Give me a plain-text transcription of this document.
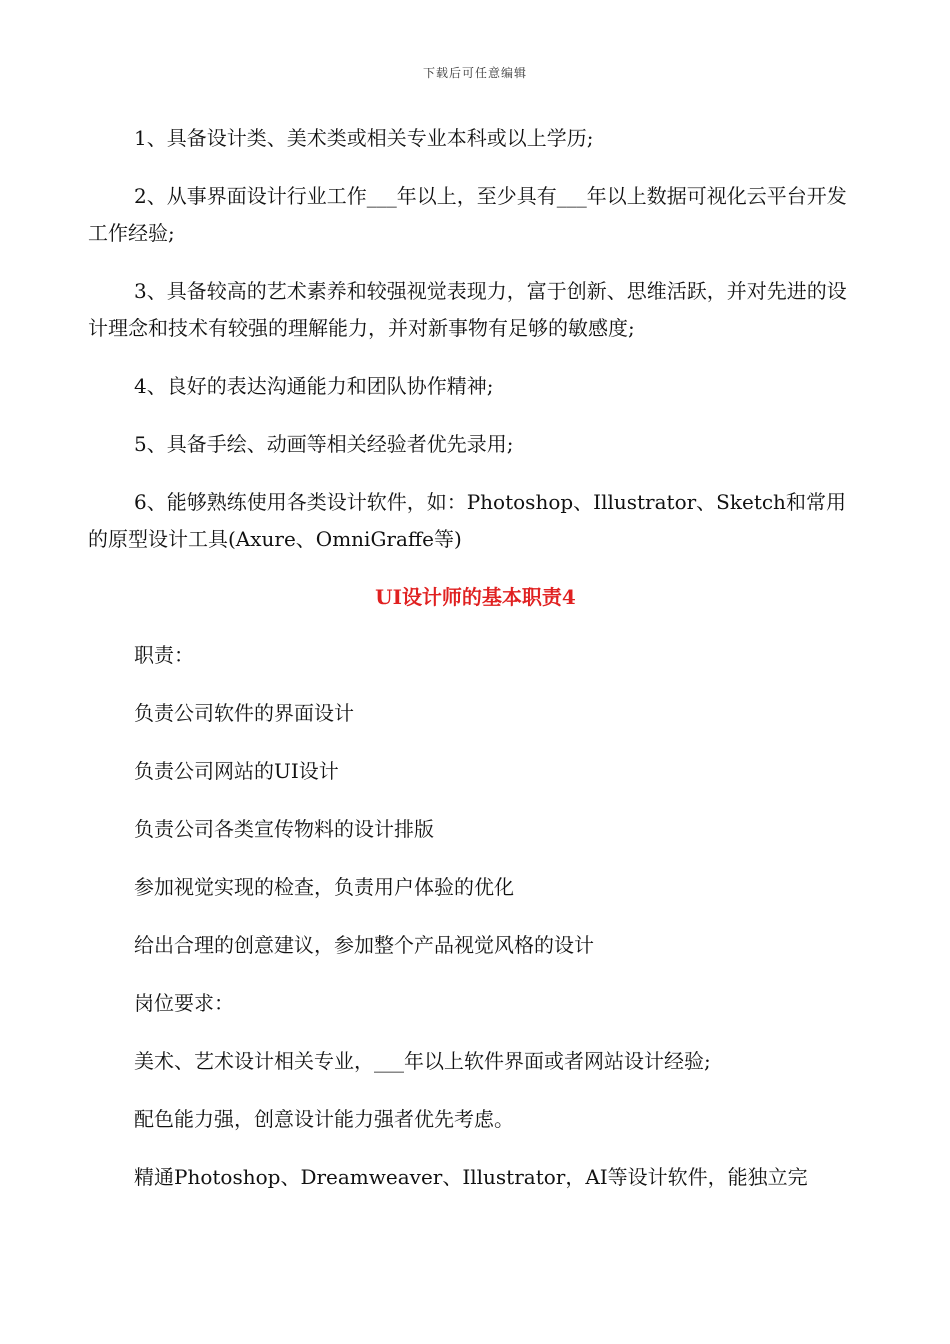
下载后可任意编辑

1、具备设计类、美术类或相关专业本科或以上学历;

2、从事界面设计行业工作___年以上，至少具有___年以上数据可视化云平台开发工作经验;

3、具备较高的艺术素养和较强视觉表现力，富于创新、思维活跃，并对先进的设计理念和技术有较强的理解能力，并对新事物有足够的敏感度;

4、良好的表达沟通能力和团队协作精神;

5、具备手绘、动画等相关经验者优先录用;

6、能够熟练使用各类设计软件，如：Photoshop、Illustrator、Sketch和常用的原型设计工具(Axure、OmniGraffe等)

UI设计师的基本职责4

职责：

负责公司软件的界面设计

负责公司网站的UI设计

负责公司各类宣传物料的设计排版

参加视觉实现的检查，负责用户体验的优化

给出合理的创意建议，参加整个产品视觉风格的设计

岗位要求：

美术、艺术设计相关专业，___年以上软件界面或者网站设计经验;

配色能力强，创意设计能力强者优先考虑。

精通Photoshop、Dreamweaver、Illustrator，AI等设计软件，能独立完
